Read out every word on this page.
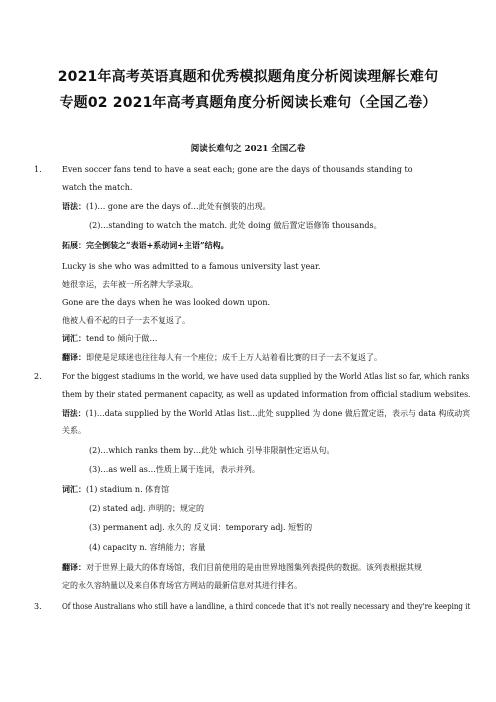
2021年高考英语真题和优秀模拟题角度分析阅读理解长难句
专题02 2021年高考真题角度分析阅读长难句（全国乙卷）
阅读长难句之 2021 全国乙卷
1.	Even soccer fans tend to have a seat each; gone are the days of thousands standing to
watch the match.
语法：(1)… gone are the days of…此处有倒装的出现。
(2)…standing to watch the match. 此处 doing 做后置定语修饰 thousands。
拓展：完全倒装之“表语+系动词+主语”结构。
Lucky is she who was admitted to a famous university last year.
她很幸运，去年被一所名牌大学录取。
Gone are the days when he was looked down upon.
他被人看不起的日子一去不复返了。
词汇：tend to 倾向于做…
翻译：即使是足球迷也往往每人有一个座位；成千上万人站着看比赛的日子一去不复返了。
2.	For the biggest stadiums in the world, we have used data supplied by the World Atlas list so far, which ranks
them by their stated permanent capacity, as well as updated information from official stadium websites.
语法：(1)…data supplied by the World Atlas list…此处 supplied 为 done 做后置定语，表示与 data 构成动宾
关系。
(2)…which ranks them by…此处 which 引导非限制性定语从句。
(3)…as well as…性质上属于连词，表示并列。
词汇：(1) stadium n. 体育馆
(2) stated adj. 声明的；规定的
(3) permanent adj. 永久的 反义词：temporary adj. 短暂的
(4) capacity n. 容纳能力；容量
翻译：对于世界上最大的体育场馆，我们目前使用的是由世界地图集列表提供的数据。该列表根据其规
定的永久容纳量以及来自体育场官方网站的最新信息对其进行排名。
3.	Of those Australians who still have a landline, a third concede that it's not really necessary and they're keeping it
